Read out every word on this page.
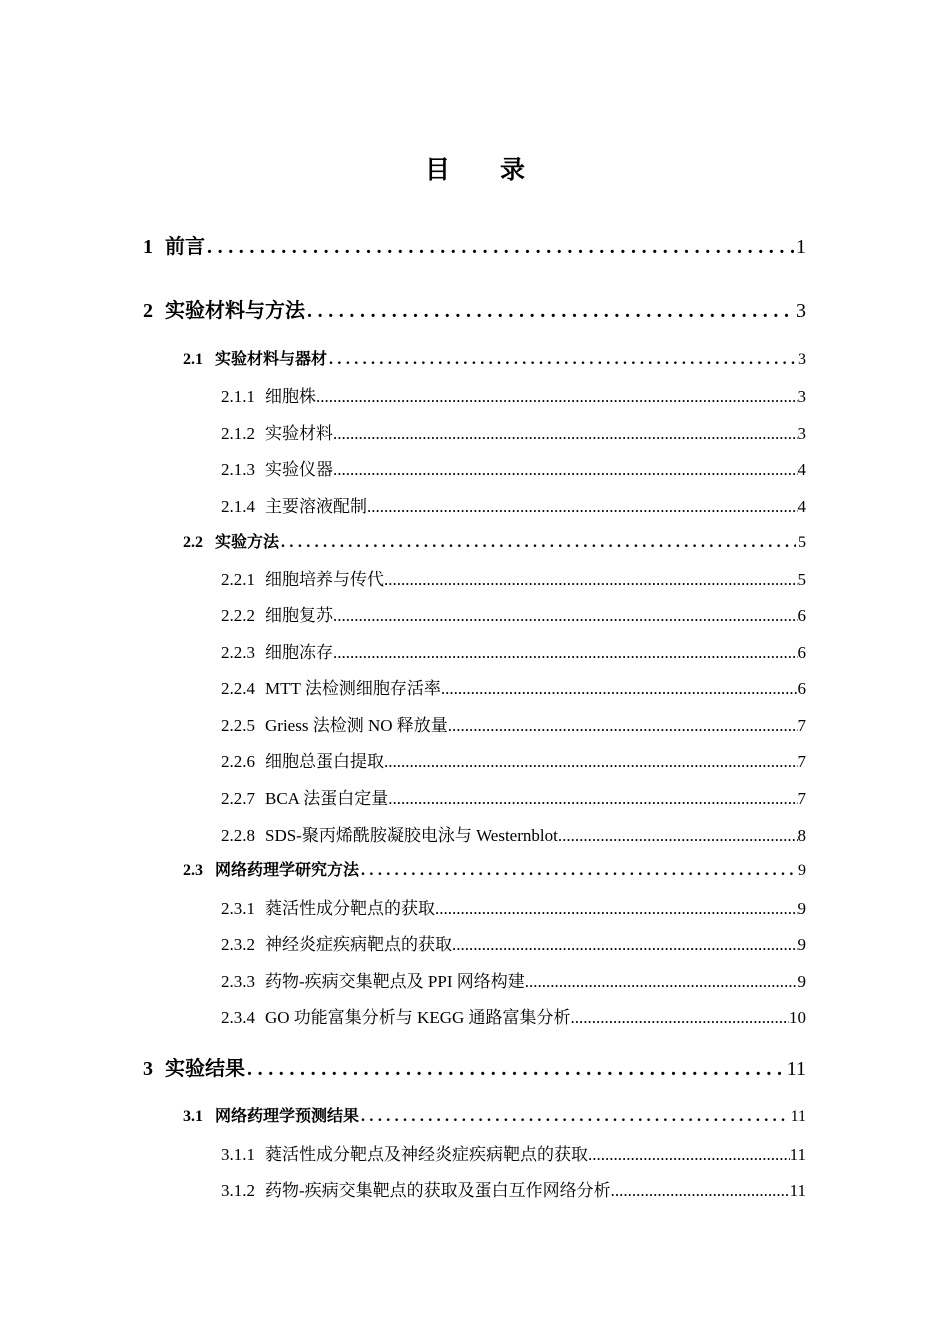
目　　录
1 前言 .....	1
2 实验材料与方法 .....	3
2.1 实验材料与器材 .....	3
2.1.1 细胞株 .....	3
2.1.2 实验材料 .....	3
2.1.3 实验仪器 .....	4
2.1.4 主要溶液配制 .....	4
2.2 实验方法 .....	5
2.2.1 细胞培养与传代 .....	5
2.2.2 细胞复苏 .....	6
2.2.3 细胞冻存 .....	6
2.2.4 MTT 法检测细胞存活率 .....	6
2.2.5 Griess 法检测 NO 释放量 .....	7
2.2.6 细胞总蛋白提取 .....	7
2.2.7 BCA 法蛋白定量 .....	7
2.2.8 SDS-聚丙烯酰胺凝胶电泳与 Westernblot .....	8
2.3 网络药理学研究方法 .....	9
2.3.1 蕤活性成分靶点的获取 .....	9
2.3.2 神经炎症疾病靶点的获取 .....	9
2.3.3 药物-疾病交集靶点及 PPI 网络构建 .....	9
2.3.4 GO 功能富集分析与 KEGG 通路富集分析 .....	10
3 实验结果 .....	11
3.1 网络药理学预测结果 .....	11
3.1.1 蕤活性成分靶点及神经炎症疾病靶点的获取 .....	11
3.1.2 药物-疾病交集靶点的获取及蛋白互作网络分析 .....	11
